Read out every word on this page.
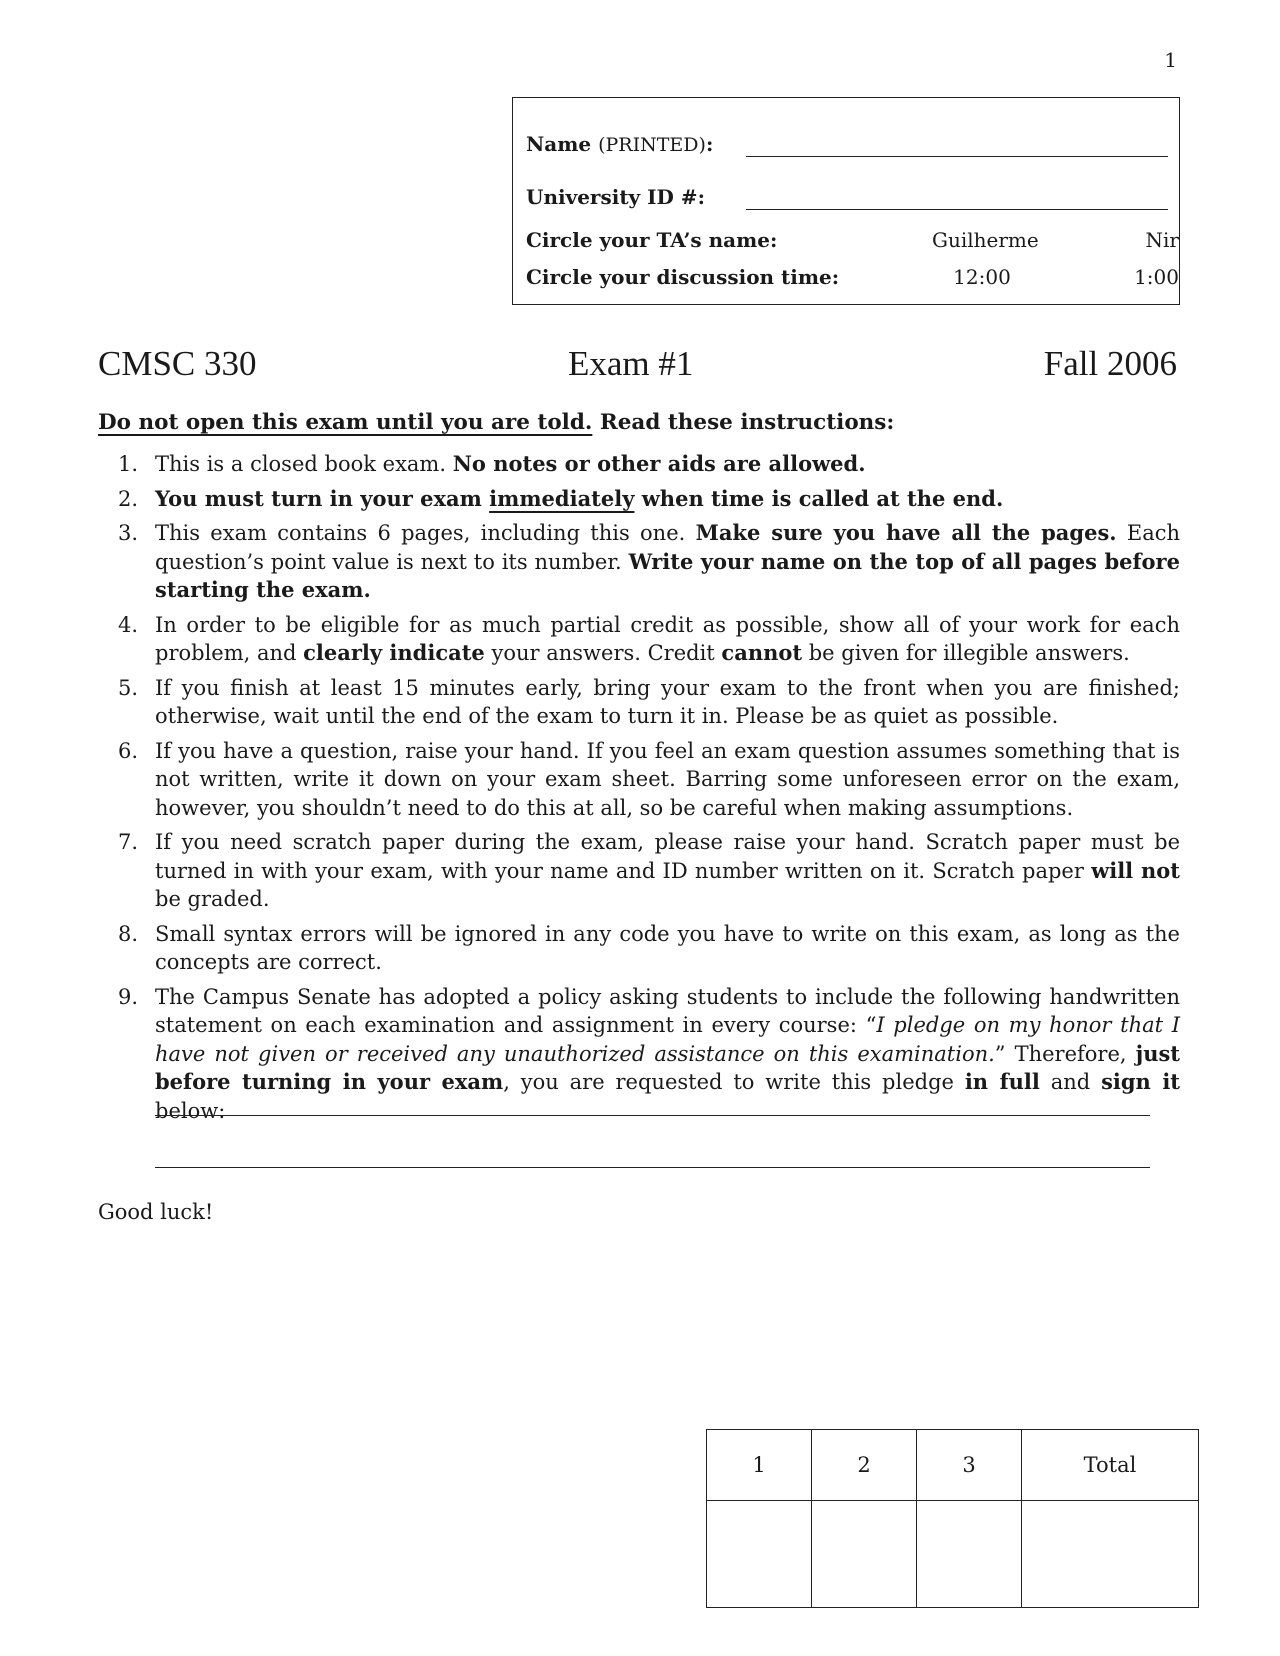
1
Name (PRINTED):
University ID #:
Circle your TA’s name:	Guilherme	Nir
Circle your discussion time:	12:00	1:00
CMSC 330	Exam #1	Fall 2006
Do not open this exam until you are told. Read these instructions:
1. This is a closed book exam. No notes or other aids are allowed.
2. You must turn in your exam immediately when time is called at the end.
3. This exam contains 6 pages, including this one. Make sure you have all the pages. Each question’s point value is next to its number. Write your name on the top of all pages before starting the exam.
4. In order to be eligible for as much partial credit as possible, show all of your work for each problem, and clearly indicate your answers. Credit cannot be given for illegible answers.
5. If you finish at least 15 minutes early, bring your exam to the front when you are finished; otherwise, wait until the end of the exam to turn it in. Please be as quiet as possible.
6. If you have a question, raise your hand. If you feel an exam question assumes something that is not written, write it down on your exam sheet. Barring some unforeseen error on the exam, however, you shouldn’t need to do this at all, so be careful when making assumptions.
7. If you need scratch paper during the exam, please raise your hand. Scratch paper must be turned in with your exam, with your name and ID number written on it. Scratch paper will not be graded.
8. Small syntax errors will be ignored in any code you have to write on this exam, as long as the concepts are correct.
9. The Campus Senate has adopted a policy asking students to include the following handwritten statement on each examination and assignment in every course: “I pledge on my honor that I have not given or received any unauthorized assistance on this examination.” Therefore, just before turning in your exam, you are requested to write this pledge in full and sign it below:
Good luck!
1	2	3	Total
